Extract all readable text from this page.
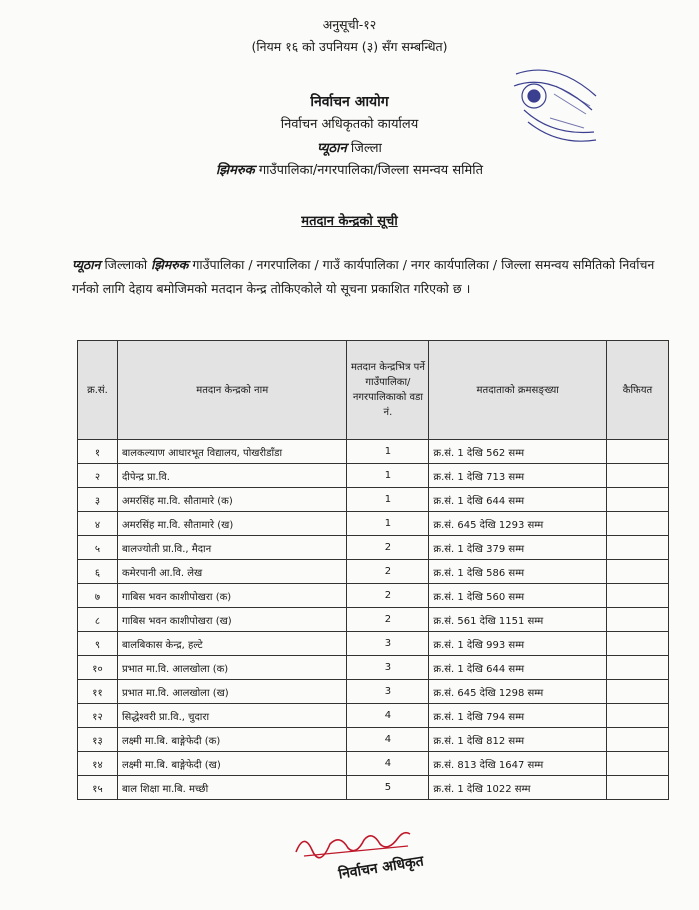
अनुसूची-१२
(नियम १६ को उपनियम (३) सँग सम्बन्धित)
निर्वाचन आयोग
निर्वाचन अधिकृतको कार्यालय
प्यूठान जिल्ला
झिमरुक गाउँपालिका/नगरपालिका/जिल्ला समन्वय समिति
मतदान केन्द्रको सूची
प्यूठान जिल्लाको झिमरुक गाउँपालिका / नगरपालिका / गाउँ कार्यपालिका / नगर कार्यपालिका / जिल्ला समन्वय समितिको निर्वाचन गर्नको लागि देहाय बमोजिमको मतदान केन्द्र तोकिएकोले यो सूचना प्रकाशित गरिएको छ ।
क्र.सं.	मतदान केन्द्रको नाम	मतदान केन्द्रभित्र पर्ने गाउँपालिका/ नगरपालिकाको वडा नं.	मतदाताको क्रमसङ्ख्या	कैफियत
१	बालकल्याण आधारभूत विद्यालय, पोखरीडाँडा	1	क्र.सं. 1 देखि 562 सम्म	
२	दीपेन्द्र प्रा.वि.	1	क्र.सं. 1 देखि 713 सम्म	
३	अमरसिंह मा.वि. सौतामारे (क)	1	क्र.सं. 1 देखि 644 सम्म	
४	अमरसिंह मा.वि. सौतामारे (ख)	1	क्र.सं. 645 देखि 1293 सम्म	
५	बालज्योती प्रा.वि., मैदान	2	क्र.सं. 1 देखि 379 सम्म	
६	कमेरपानी आ.वि. लेख	2	क्र.सं. 1 देखि 586 सम्म	
७	गाबिस भवन काशीपोखरा (क)	2	क्र.सं. 1 देखि 560 सम्म	
८	गाबिस भवन काशीपोखरा (ख)	2	क्र.सं. 561 देखि 1151 सम्म	
९	बालबिकास केन्द्र, हल्टे	3	क्र.सं. 1 देखि 993 सम्म	
१०	प्रभात मा.वि. आलखोला (क)	3	क्र.सं. 1 देखि 644 सम्म	
११	प्रभात मा.वि. आलखोला (ख)	3	क्र.सं. 645 देखि 1298 सम्म	
१२	सिद्धेश्वरी प्रा.वि., चुदारा	4	क्र.सं. 1 देखि 794 सम्म	
१३	लक्ष्मी मा.बि. बाङ्गेफेदी (क)	4	क्र.सं. 1 देखि 812 सम्म	
१४	लक्ष्मी मा.बि. बाङ्गेफेदी (ख)	4	क्र.सं. 813 देखि 1647 सम्म	
१५	बाल शिक्षा मा.बि. मच्छी	5	क्र.सं. 1 देखि 1022 सम्म	
निर्वाचन अधिकृत
